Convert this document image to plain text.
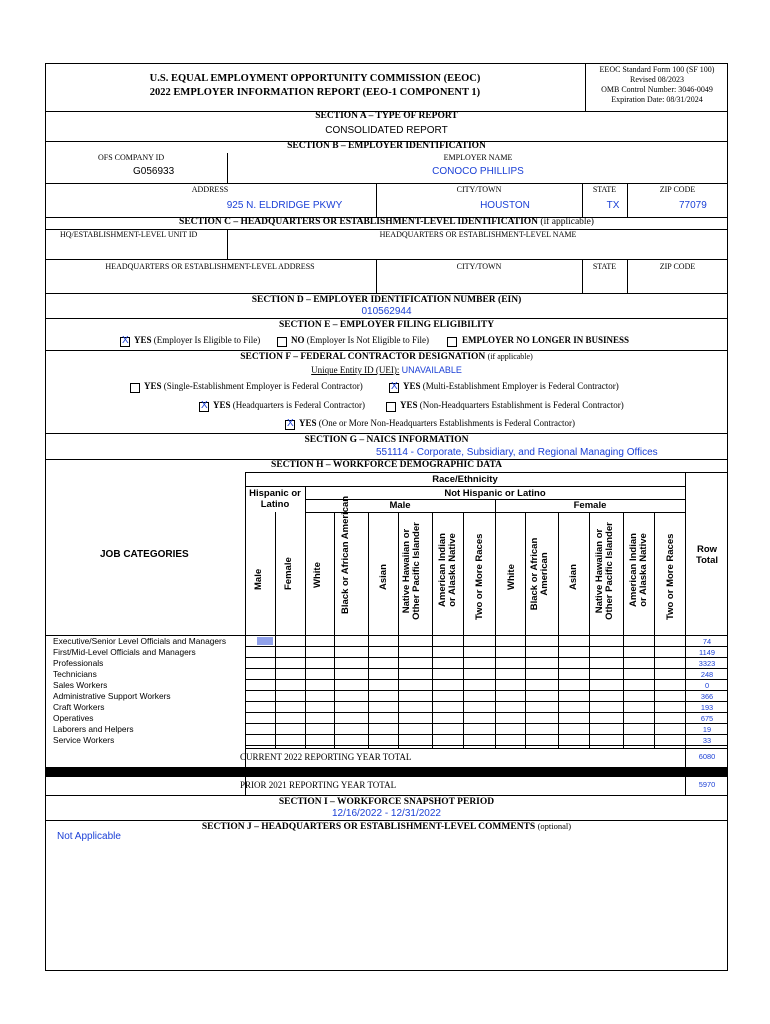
U.S. EQUAL EMPLOYMENT OPPORTUNITY COMMISSION (EEOC)
2022 EMPLOYER INFORMATION REPORT (EEO-1 COMPONENT 1)
EEOC Standard Form 100 (SF 100)
Revised 08/2023
OMB Control Number: 3046-0049
Expiration Date: 08/31/2024
SECTION A – TYPE OF REPORT
CONSOLIDATED REPORT
SECTION B – EMPLOYER IDENTIFICATION
OFS COMPANY ID
G056933
EMPLOYER NAME
CONOCO PHILLIPS
ADDRESS
925 N. ELDRIDGE PKWY
CITY/TOWN
HOUSTON
STATE
TX
ZIP CODE
77079
SECTION C – HEADQUARTERS OR ESTABLISHMENT-LEVEL IDENTIFICATION (if applicable)
HQ/ESTABLISHMENT-LEVEL UNIT ID	HEADQUARTERS OR ESTABLISHMENT-LEVEL NAME
HEADQUARTERS OR ESTABLISHMENT-LEVEL ADDRESS	CITY/TOWN	STATE	ZIP CODE
SECTION D – EMPLOYER IDENTIFICATION NUMBER (EIN)
010562944
SECTION E – EMPLOYER FILING ELIGIBILITY
X
YES (Employer Is Eligible to File)	NO (Employer Is Not Eligible to File)	EMPLOYER NO LONGER IN BUSINESS
SECTION F – FEDERAL CONTRACTOR DESIGNATION (if applicable)
Unique Entity ID (UEI): UNAVAILABLE
YES (Single-Establishment Employer is Federal Contractor)
X	YES (Multi-Establishment Employer is Federal Contractor)
X
YES (Headquarters is Federal Contractor)	YES (Non-Headquarters Establishment is Federal Contractor)
X
YES (One or More Non-Headquarters Establishments is Federal Contractor)
SECTION G – NAICS INFORMATION
551114 - Corporate, Subsidiary, and Regional Managing Offices
SECTION H – WORKFORCE DEMOGRAPHIC DATA
Race/Ethnicity
Hispanic or Latino
Not Hispanic or Latino
Male	Female
JOB CATEGORIES	Row Total
Male Female White Black or African American	Asian Native Hawaiian or Other Pacific Islander American Indian or Alaska Native Two or More Races White Black or African American Asian Native Hawaiian or Other Pacific Islander American Indian or Alaska Native Two or More Races
Executive/Senior Level Officials and Managers
First/Mid-Level Officials and Managers
Professionals
Technicians
Sales Workers
Administrative Support Workers
Craft Workers
Operatives
Laborers and Helpers
Service Workers
74
1149
3323
248
0
366
193
675
19
33
CURRENT 2022 REPORTING YEAR TOTAL	6080
PRIOR 2021 REPORTING YEAR TOTAL	5970
SECTION I – WORKFORCE SNAPSHOT PERIOD
12/16/2022 - 12/31/2022
SECTION J – HEADQUARTERS OR ESTABLISHMENT-LEVEL COMMENTS (optional)
Not Applicable
